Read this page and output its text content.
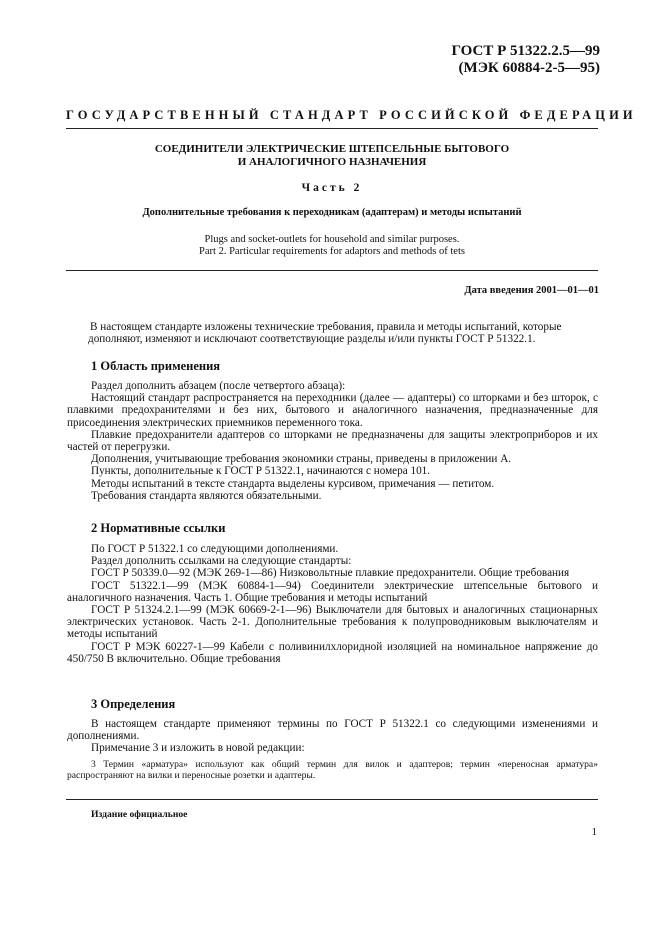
ГОСТ Р 51322.2.5—99
(МЭК 60884-2-5—95)
ГОСУДАРСТВЕННЫЙ СТАНДАРТ РОССИЙСКОЙ ФЕДЕРАЦИИ
СОЕДИНИТЕЛИ ЭЛЕКТРИЧЕСКИЕ ШТЕПСЕЛЬНЫЕ БЫТОВОГО
И АНАЛОГИЧНОГО НАЗНАЧЕНИЯ
Часть 2
Дополнительные требования к переходникам (адаптерам) и методы испытаний
Plugs and socket-outlets for household and similar purposes.
Part 2. Particular requirements for adaptors and methods of tets
Дата введения 2001—01—01

В настоящем стандарте изложены технические требования, правила и методы испытаний, которые

дополняют, изменяют и исключают соответствующие разделы и/или пункты ГОСТ Р 51322.1.

1 Область применения

Раздел дополнить абзацем (после четвертого абзаца):

Настоящий стандарт распространяется на переходники (далее — адаптеры) со шторками и без шторок, с плавкими предохранителями и без них, бытового и аналогичного назначения, предназначенные для присоединения электрических приемников переменного тока.

Плавкие предохранители адаптеров со шторками не предназначены для защиты электроприборов и их частей от перегрузки.

Дополнения, учитывающие требования экономики страны, приведены в приложении А.

Пункты, дополнительные к ГОСТ Р 51322.1, начинаются с номера 101.

Методы испытаний в тексте стандарта выделены курсивом, примечания — петитом.

Требования стандарта являются обязательными.

2 Нормативные ссылки

По ГОСТ Р 51322.1 со следующими дополнениями.

Раздел дополнить ссылками на следующие стандарты:

ГОСТ Р 50339.0—92 (МЭК 269-1—86) Низковольтные плавкие предохранители. Общие требования

ГОСТ 51322.1—99 (МЭК 60884-1—94) Соединители электрические штепсельные бытового и аналогичного назначения. Часть 1. Общие требования и методы испытаний

ГОСТ Р 51324.2.1—99 (МЭК 60669-2-1—96) Выключатели для бытовых и аналогичных стационарных электрических установок. Часть 2-1. Дополнительные требования к полупроводниковым выключателям и методы испытаний

ГОСТ Р МЭК 60227-1—99 Кабели с поливинилхлоридной изоляцией на номинальное напряжение до 450/750 В включительно. Общие требования

3 Определения

В настоящем стандарте применяют термины по ГОСТ Р 51322.1 со следующими изменениями и дополнениями.

Примечание 3 и изложить в новой редакции:

3 Термин «арматура» используют как общий термин для вилок и адаптеров; термин «переносная арматура» распространяют на вилки и переносные розетки и адаптеры.

Издание официальное
1
